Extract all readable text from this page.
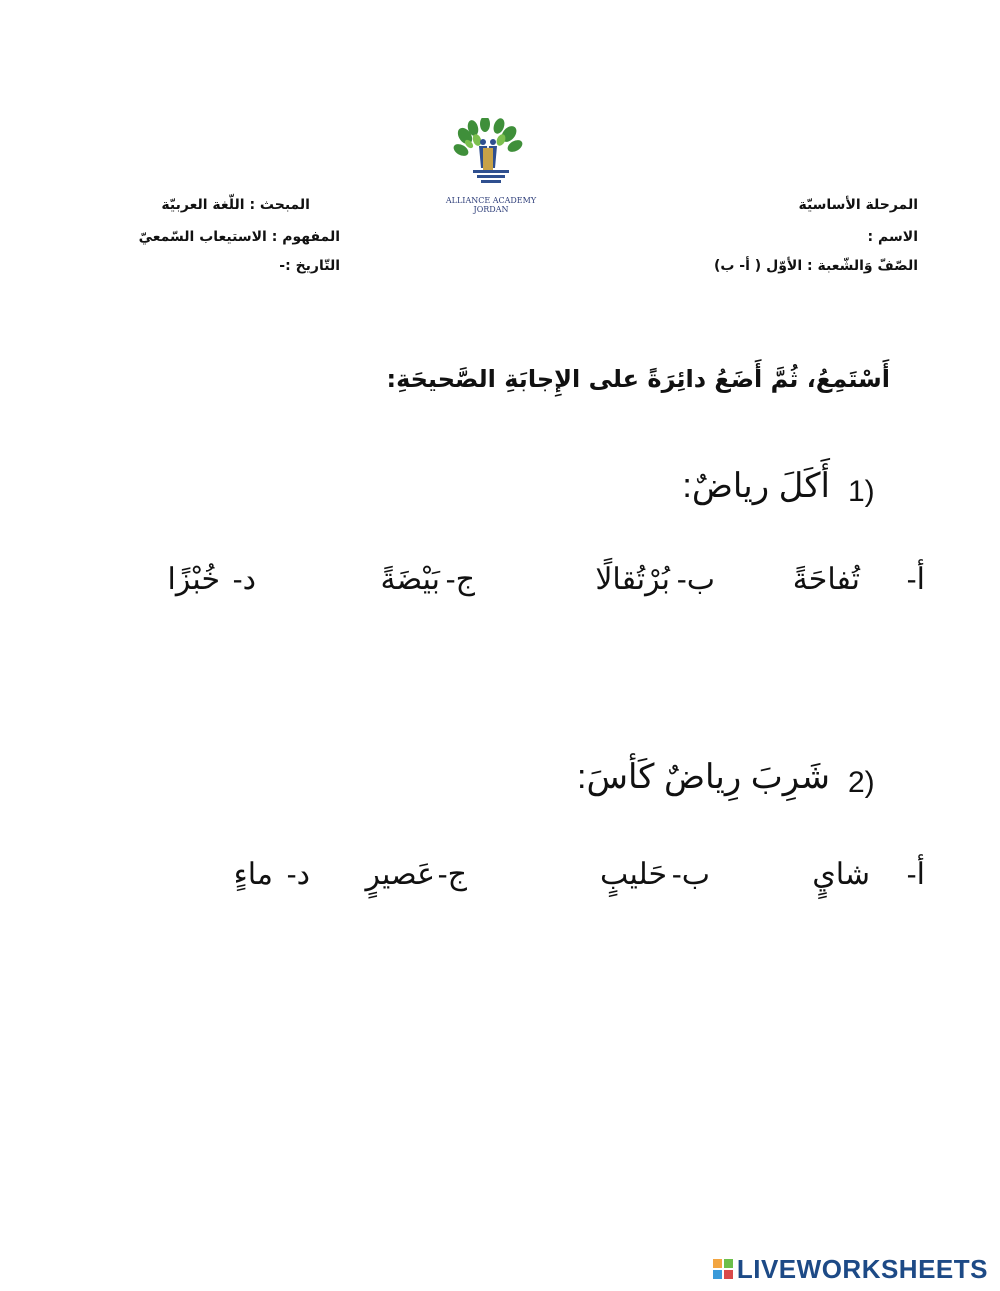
المرحلة الأساسيّة
الاسم :
الصّفّ وَالشّعبة : الأوّل ( أ- ب)
المبحث : اللّغة العربيّة
المفهوم : الاستيعاب السّمعيّ
التّاريخ :-
ALLIANCE ACADEMY
JORDAN
أَسْتَمِعُ، ثُمَّ أَضَعُ دائِرَةً على الإِجابَةِ الصَّحيحَةِ:
1)
أَكَلَ رياضٌ:
أ-
تُفاحَةً
ب-
بُرْتُقالًا
ج-
بَيْضَةً
د-
خُبْزًا
2)
شَرِبَ رِياضٌ كَأسَ:
أ-
شايٍ
ب-
حَليبٍ
ج-
عَصيرٍ
د-
ماءٍ
LIVEWORKSHEETS
